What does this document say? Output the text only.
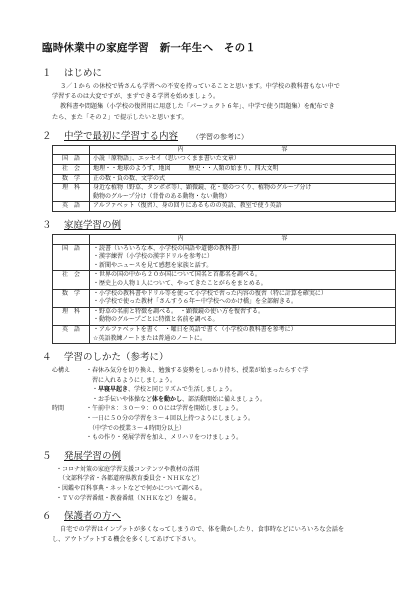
臨時休業中の家庭学習　新一年生へ　その１
１	はじめに
３／１から の休校で皆さんも学習への不安を持っていることと思います。中学校の教科書もない中で
学習するのは大変ですが、まずできる学習を始めましょう。
教科書や問題集（小学校の復習用に用意した「パーフェクト６年」、中学で使う問題集）を配布でき
たら、また「その２」で提示したいと思います。
２	中学で最初に学習する内容 （学習の参考に）
	内　　　容
国　語	小説「原物語」、エッセイ（思いつくまま書いた文章）
社　会	地理・・地球のようす、地図　　　歴史・・人類の始まり、四大文明
数　学	正の数・負の数、文字の式
理　科	身近な植物（野草、タンポポ等）、顕微鏡、花・葉のつくり、植物のグループ分け
動物のグループ分け（背骨のある動物・ない動物）
英　語	アルファベット（復習）、身の回りにあるものの英語、教室で使う英語
３	家庭学習の例
	内　　　容
国　語	・読書（いろいろな本、小学校の国語や道徳の教科書）
・漢字練習（小学校の漢字ドリルを参考に）
・新聞やニュースを見て感想を家族と話す。
社　会	・世界の国の中から２０か国について国名と首都名を調べる。
・歴史上の人物１人について、やってきたことがらをまとめる。
数　学	・小学校の教科書やドリル等を使って小学校で習った内容の復習（特に計算を確実に）
・小学校で使った教材「さんすう６年ー中学校へのかけ橋」を全部解きる。
理　科	・野草の名前と特徴を調べる。　・顕微鏡の使い方を復習する。
・動物のグループごとに特徴と名前を調べる。
英　語	・アルファベットを書く　・曜日を英語で書く（小学校の教科書を参考に）
☆英語教練ノートまたは普通のノートに。
４	学習のしかた（参考に）
心構え	・春休み気分を切り換え、勉強する姿勢をしっかり持ち、授業が始まったらすぐ学
　習に入れるようにしましょう。
　・早寝早起き、学校と同じリズムで生活しましょう。
　・お手伝いや体操など体を動かし、部活動開始に備えましょう。
時間	・午前中８：３０～９：００には学習を開始しましょう。
・一日に５０分の学習を３～４回以上持つようにしましょう。
　（中学での授業３～４時間分以上）
・もの作り・発展学習を加え、メリハリをつけましょう。
５	発展学習の例
・コロナ対策の家庭学習支援コンテンツや教材の活用
　（文部科学省・各都道府県教育委員会・ＮＨＫなど）
・図鑑や百科事典・ネットなどで何かについて調べる。
・ＴＶの学習番組・教養番組（ＮＨＫなど）を観る。
６	保護者の方へ
自宅での学習はインプットが多くなってしまうので、体を動かしたり、食事時などにいろいろな会話を
し、アウトプットする機会を多くしてあげて下さい。
